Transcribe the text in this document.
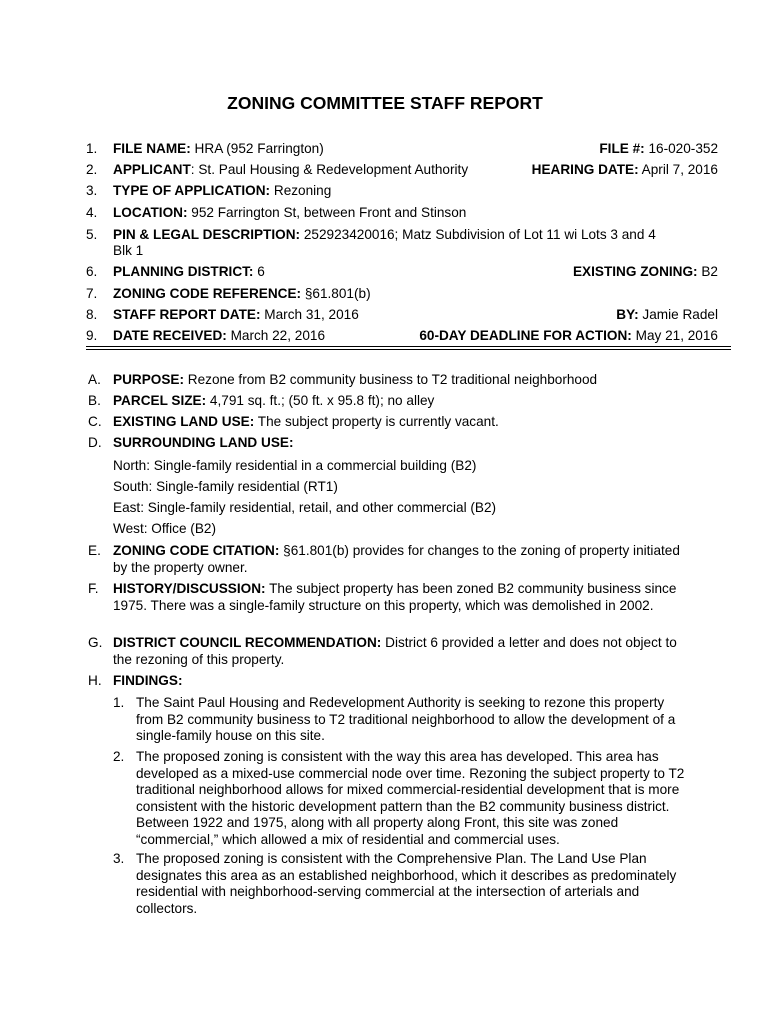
ZONING COMMITTEE STAFF REPORT
1. FILE NAME: HRA (952 Farrington)	FILE #: 16-020-352
2. APPLICANT: St. Paul Housing & Redevelopment Authority	HEARING DATE: April 7, 2016
3. TYPE OF APPLICATION: Rezoning
4. LOCATION: 952 Farrington St, between Front and Stinson
5. PIN & LEGAL DESCRIPTION: 252923420016; Matz Subdivision of Lot 11 wi Lots 3 and 4
Blk 1
6. PLANNING DISTRICT: 6	EXISTING ZONING: B2
7. ZONING CODE REFERENCE: §61.801(b)
8. STAFF REPORT DATE: March 31, 2016	BY: Jamie Radel
9. DATE RECEIVED: March 22, 2016	60-DAY DEADLINE FOR ACTION: May 21, 2016
A. PURPOSE: Rezone from B2 community business to T2 traditional neighborhood
B. PARCEL SIZE: 4,791 sq. ft.; (50 ft. x 95.8 ft); no alley
C. EXISTING LAND USE: The subject property is currently vacant.
D. SURROUNDING LAND USE:
North: Single-family residential in a commercial building (B2)
South: Single-family residential (RT1)
East: Single-family residential, retail, and other commercial (B2)
West: Office (B2)
E. ZONING CODE CITATION: §61.801(b) provides for changes to the zoning of property initiated by the property owner.
F. HISTORY/DISCUSSION: The subject property has been zoned B2 community business since 1975. There was a single-family structure on this property, which was demolished in 2002.
G. DISTRICT COUNCIL RECOMMENDATION: District 6 provided a letter and does not object to the rezoning of this property.
H. FINDINGS:
1. The Saint Paul Housing and Redevelopment Authority is seeking to rezone this property from B2 community business to T2 traditional neighborhood to allow the development of a single-family house on this site.
2. The proposed zoning is consistent with the way this area has developed. This area has developed as a mixed-use commercial node over time. Rezoning the subject property to T2 traditional neighborhood allows for mixed commercial-residential development that is more consistent with the historic development pattern than the B2 community business district. Between 1922 and 1975, along with all property along Front, this site was zoned “commercial,” which allowed a mix of residential and commercial uses.
3. The proposed zoning is consistent with the Comprehensive Plan. The Land Use Plan designates this area as an established neighborhood, which it describes as predominately residential with neighborhood-serving commercial at the intersection of arterials and collectors.
